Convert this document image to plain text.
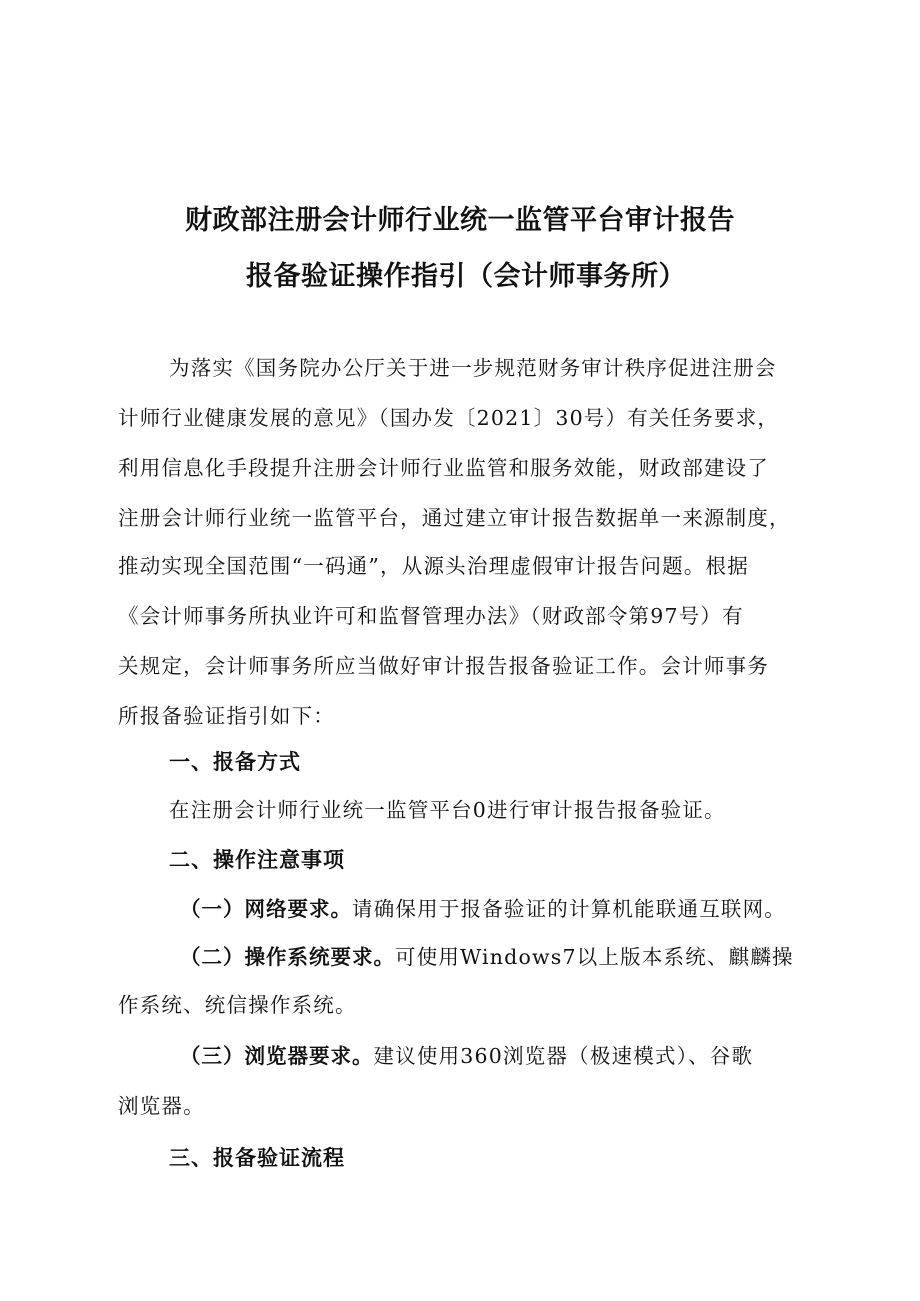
财政部注册会计师行业统一监管平台审计报告
报备验证操作指引（会计师事务所）
为落实《国务院办公厅关于进一步规范财务审计秩序促进注册会
计师行业健康发展的意见》（国办发〔2021〕30号）有关任务要求，
利用信息化手段提升注册会计师行业监管和服务效能，财政部建设了
注册会计师行业统一监管平台，通过建立审计报告数据单一来源制度，
推动实现全国范围“一码通”，从源头治理虚假审计报告问题。根据
《会计师事务所执业许可和监督管理办法》（财政部令第97号）有
关规定，会计师事务所应当做好审计报告报备验证工作。会计师事务
所报备验证指引如下：
一、报备方式
在注册会计师行业统一监管平台0进行审计报告报备验证。
二、操作注意事项
（一）网络要求。请确保用于报备验证的计算机能联通互联网。
（二）操作系统要求。可使用Windows7以上版本系统、麒麟操
作系统、统信操作系统。
（三）浏览器要求。建议使用360浏览器（极速模式）、谷歌
浏览器。
三、报备验证流程
